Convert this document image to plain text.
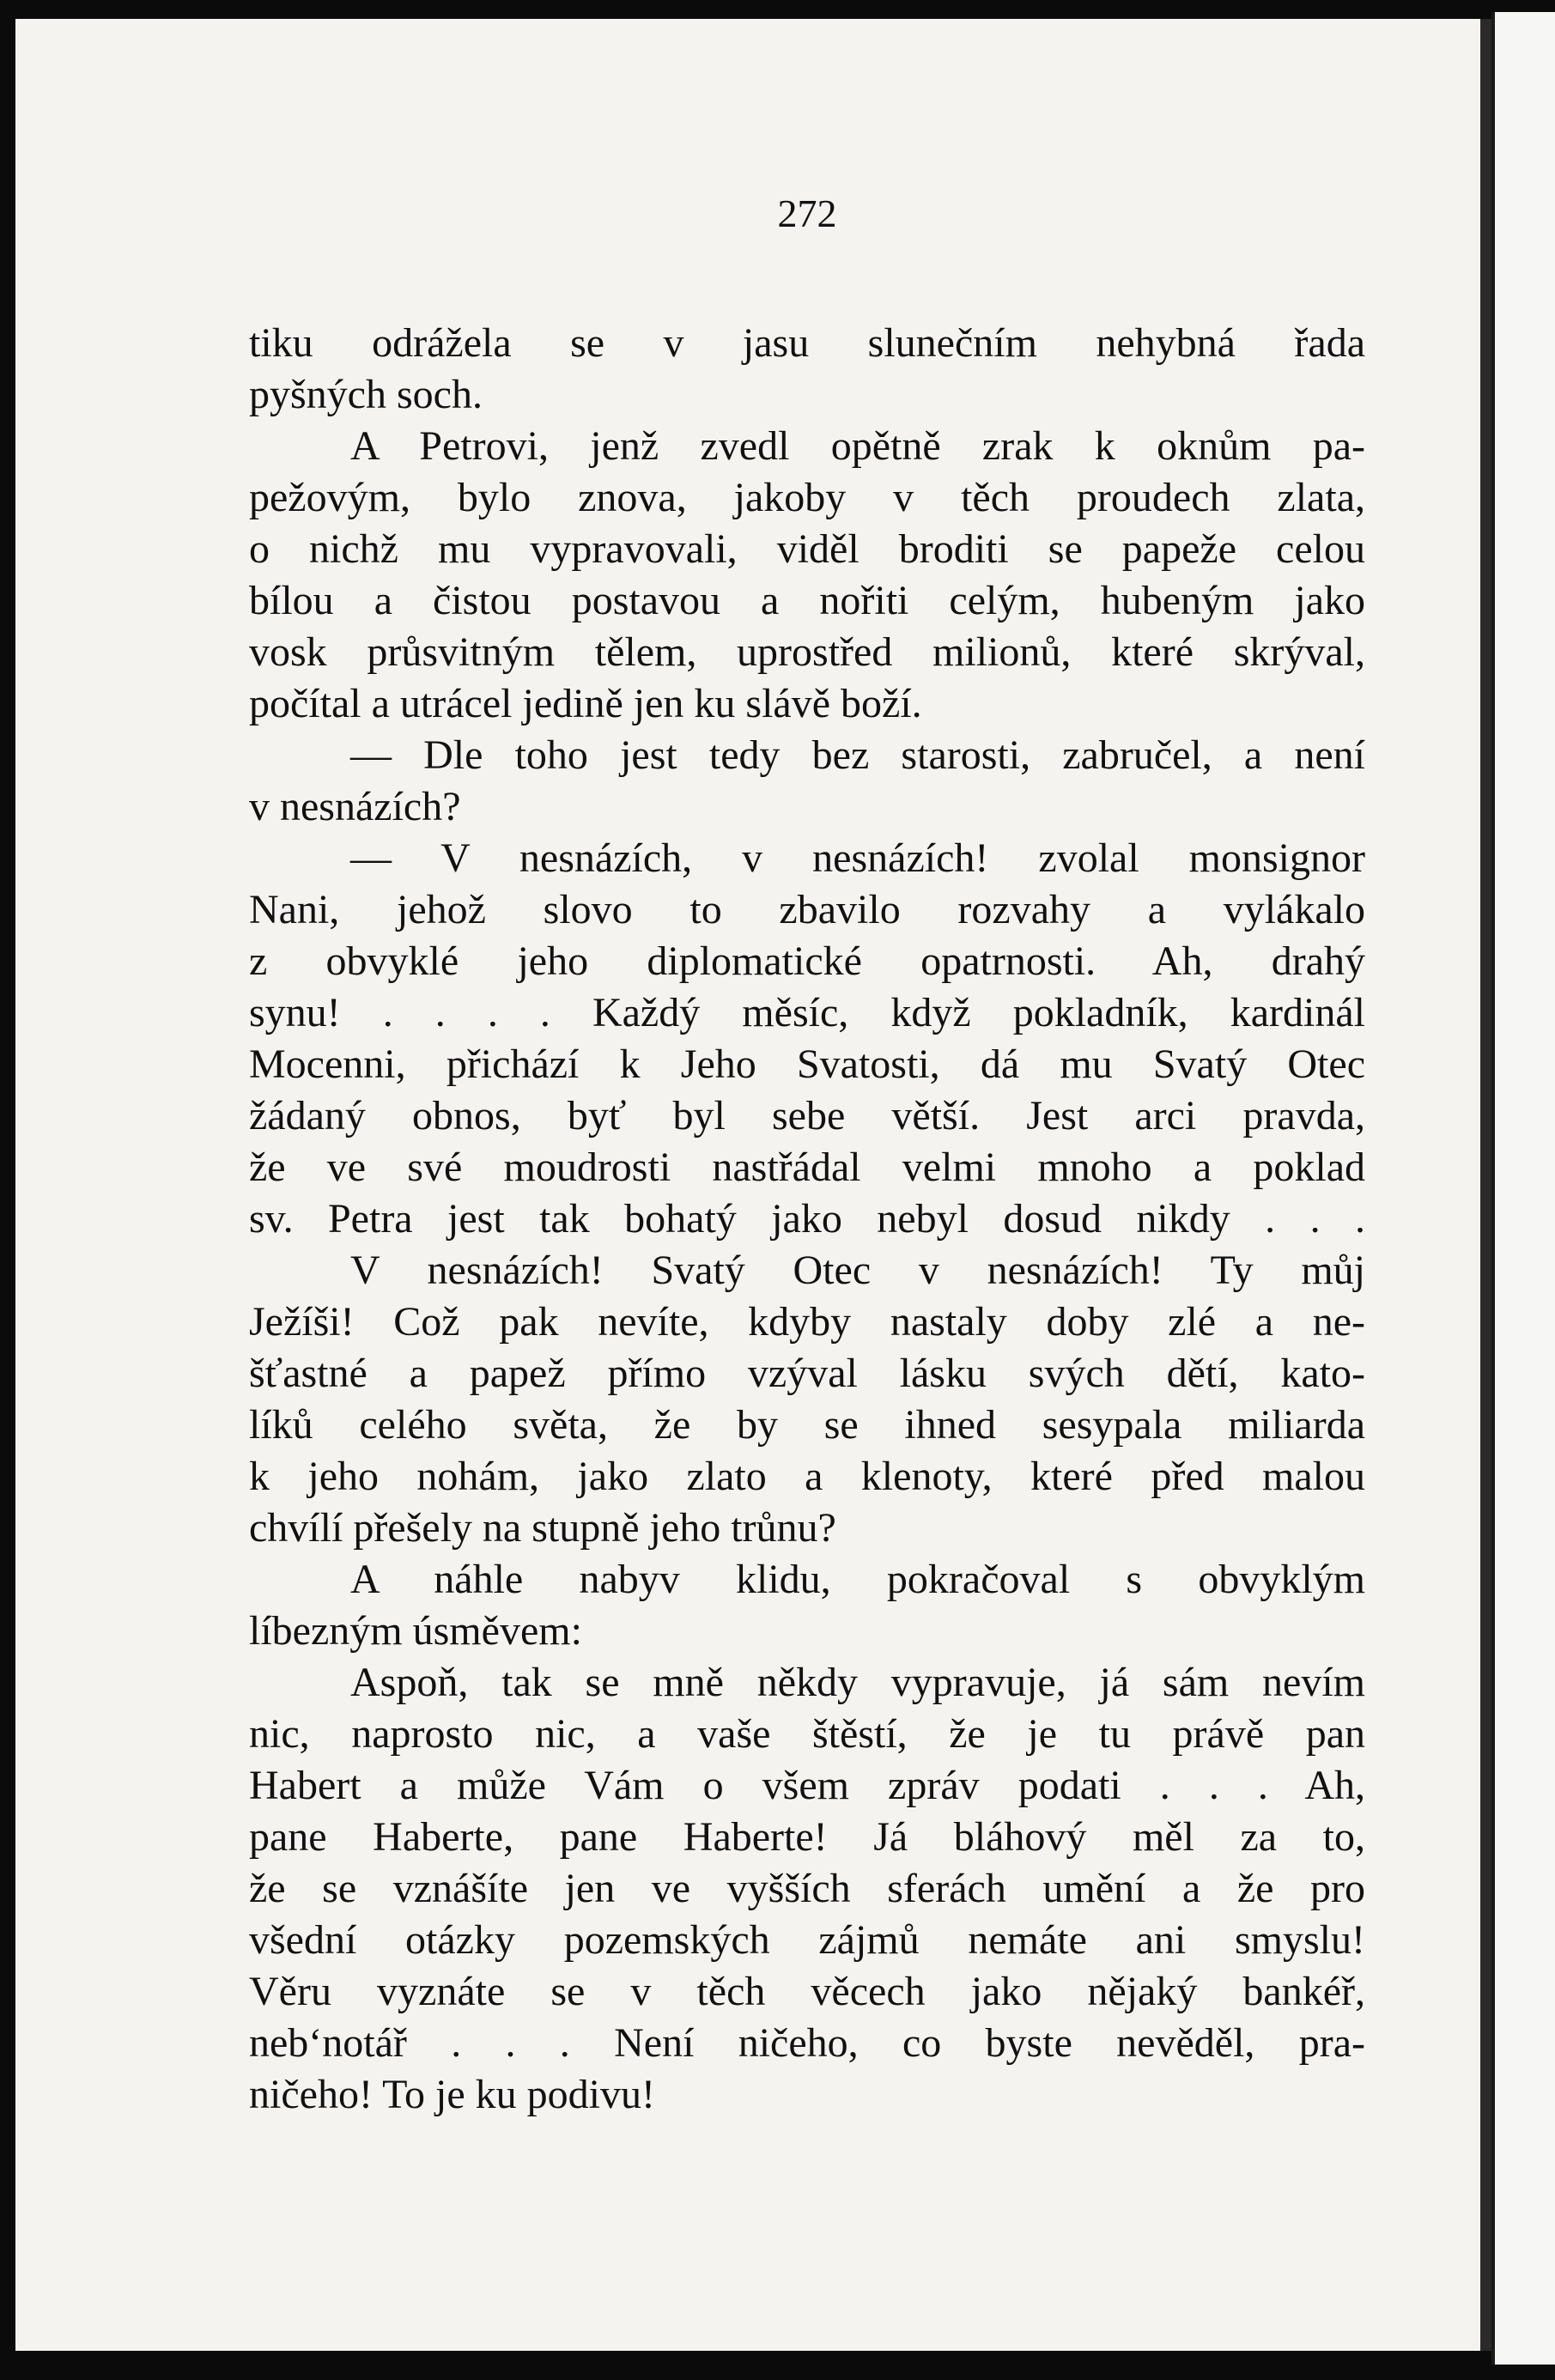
272
tiku odrážela se v jasu slunečním nehybná řada
pyšných soch.
A Petrovi, jenž zvedl opětně zrak k oknům pa-
pežovým, bylo znova, jakoby v těch proudech zlata,
o nichž mu vypravovali, viděl broditi se papeže celou
bílou a čistou postavou a nořiti celým, hubeným jako
vosk průsvitným tělem, uprostřed milionů, které skrýval,
počítal a utrácel jedině jen ku slávě boží.
— Dle toho jest tedy bez starosti, zabručel, a není
v nesnázích?
— V nesnázích, v nesnázích! zvolal monsignor
Nani, jehož slovo to zbavilo rozvahy a vylákalo
z obvyklé jeho diplomatické opatrnosti. Ah, drahý
synu! . . . . Každý měsíc, když pokladník, kardinál
Mocenni, přichází k Jeho Svatosti, dá mu Svatý Otec
žádaný obnos, byť byl sebe větší. Jest arci pravda,
že ve své moudrosti nastřádal velmi mnoho a poklad
sv. Petra jest tak bohatý jako nebyl dosud nikdy . . .
V nesnázích! Svatý Otec v nesnázích! Ty můj
Ježíši! Což pak nevíte, kdyby nastaly doby zlé a ne-
šťastné a papež přímo vzýval lásku svých dětí, kato-
líků celého světa, že by se ihned sesypala miliarda
k jeho nohám, jako zlato a klenoty, které před malou
chvílí přešely na stupně jeho trůnu?
A náhle nabyv klidu, pokračoval s obvyklým
líbezným úsměvem:
Aspoň, tak se mně někdy vypravuje, já sám nevím
nic, naprosto nic, a vaše štěstí, že je tu právě pan
Habert a může Vám o všem zpráv podati . . . Ah,
pane Haberte, pane Haberte! Já bláhový měl za to,
že se vznášíte jen ve vyšších sferách umění a že pro
všední otázky pozemských zájmů nemáte ani smyslu!
Věru vyznáte se v těch věcech jako nějaký bankéř,
neb‘notář . . . Není ničeho, co byste nevěděl, pra-
ničeho! To je ku podivu!
